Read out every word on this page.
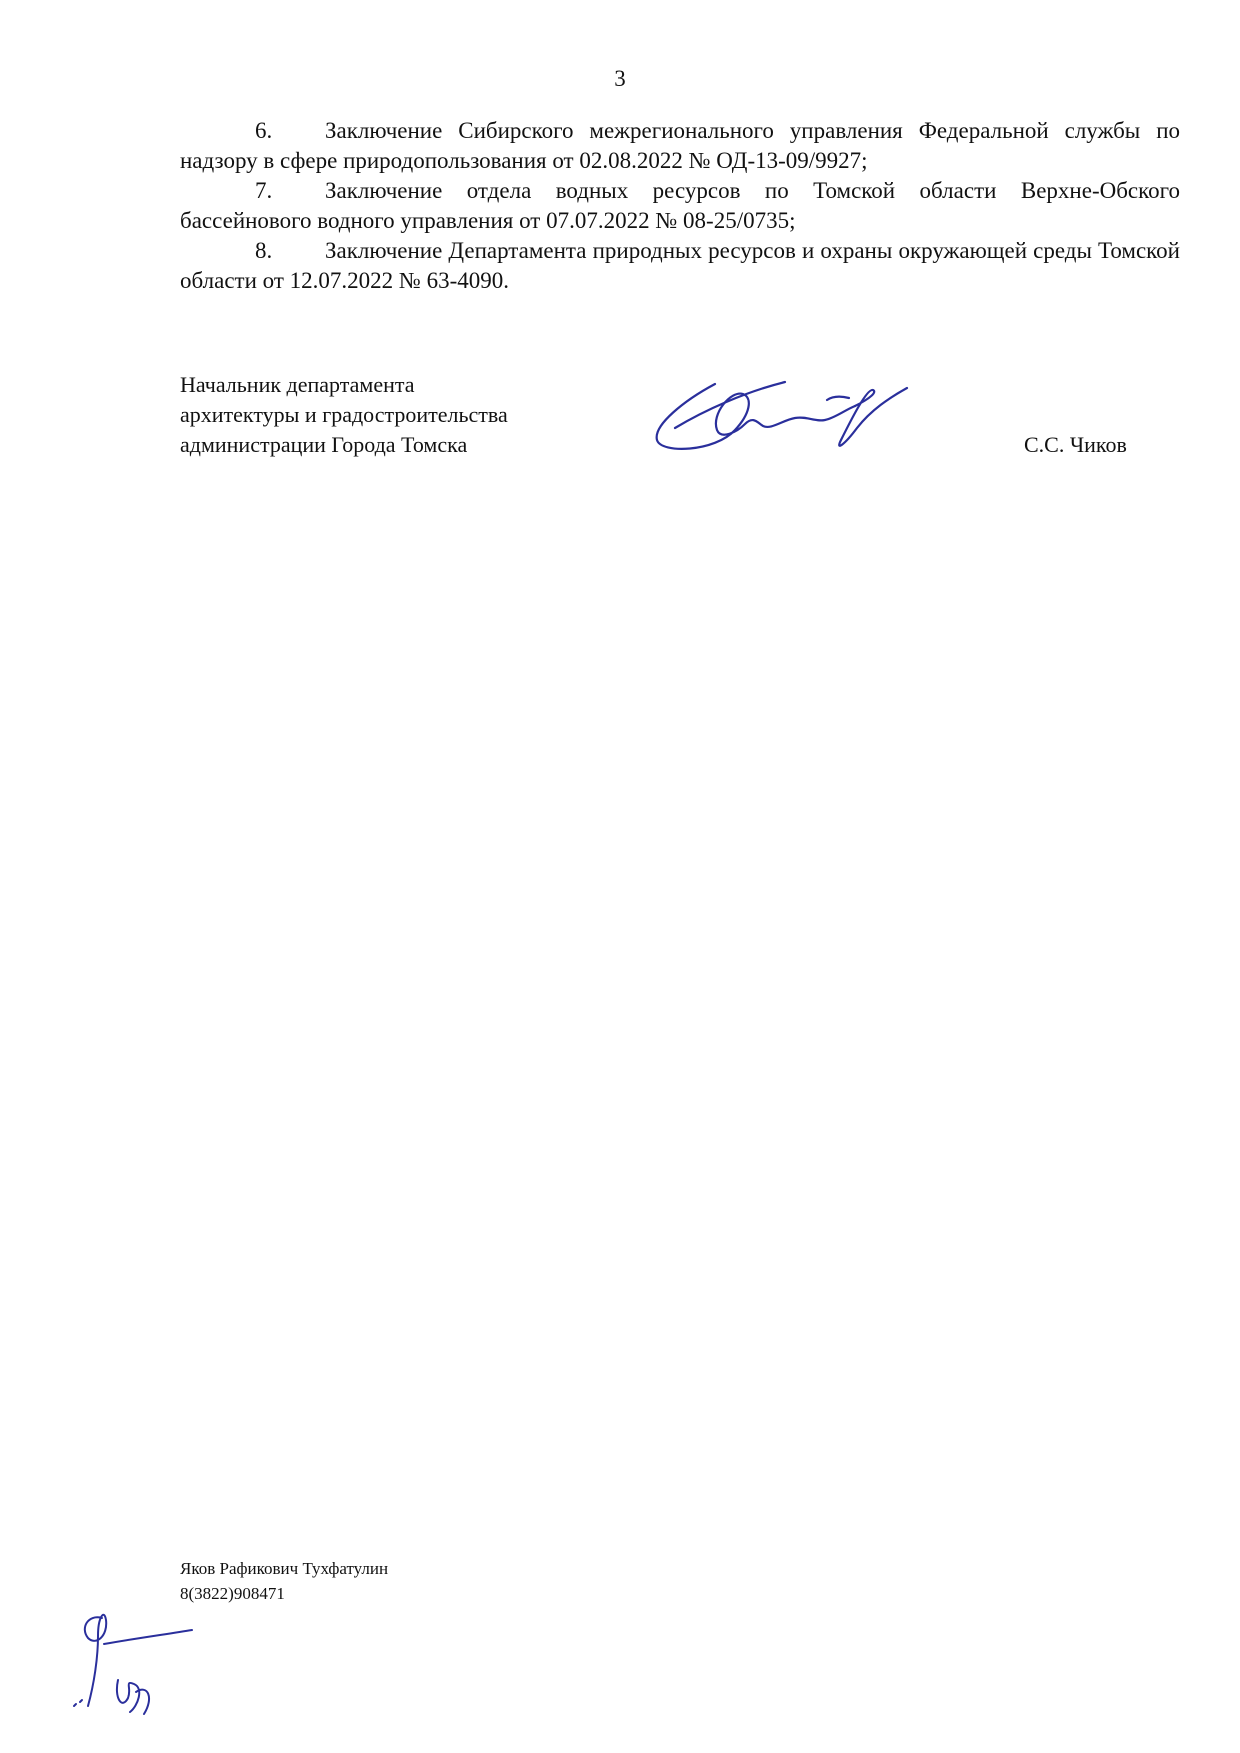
3

6. Заключение Сибирского межрегионального управления Федеральной службы по надзору в сфере природопользования от 02.08.2022 № ОД-13-09/9927;

7. Заключение отдела водных ресурсов по Томской области Верхне-Обского бассейнового водного управления от 07.07.2022 № 08-25/0735;

8. Заключение Департамента природных ресурсов и охраны окружающей среды Томской области от 12.07.2022 № 63-4090.

Начальник департамента
архитектуры и градостроительства
администрации Города Томска	С.С. Чиков
Яков Рафикович Тухфатулин
8(3822)908471
